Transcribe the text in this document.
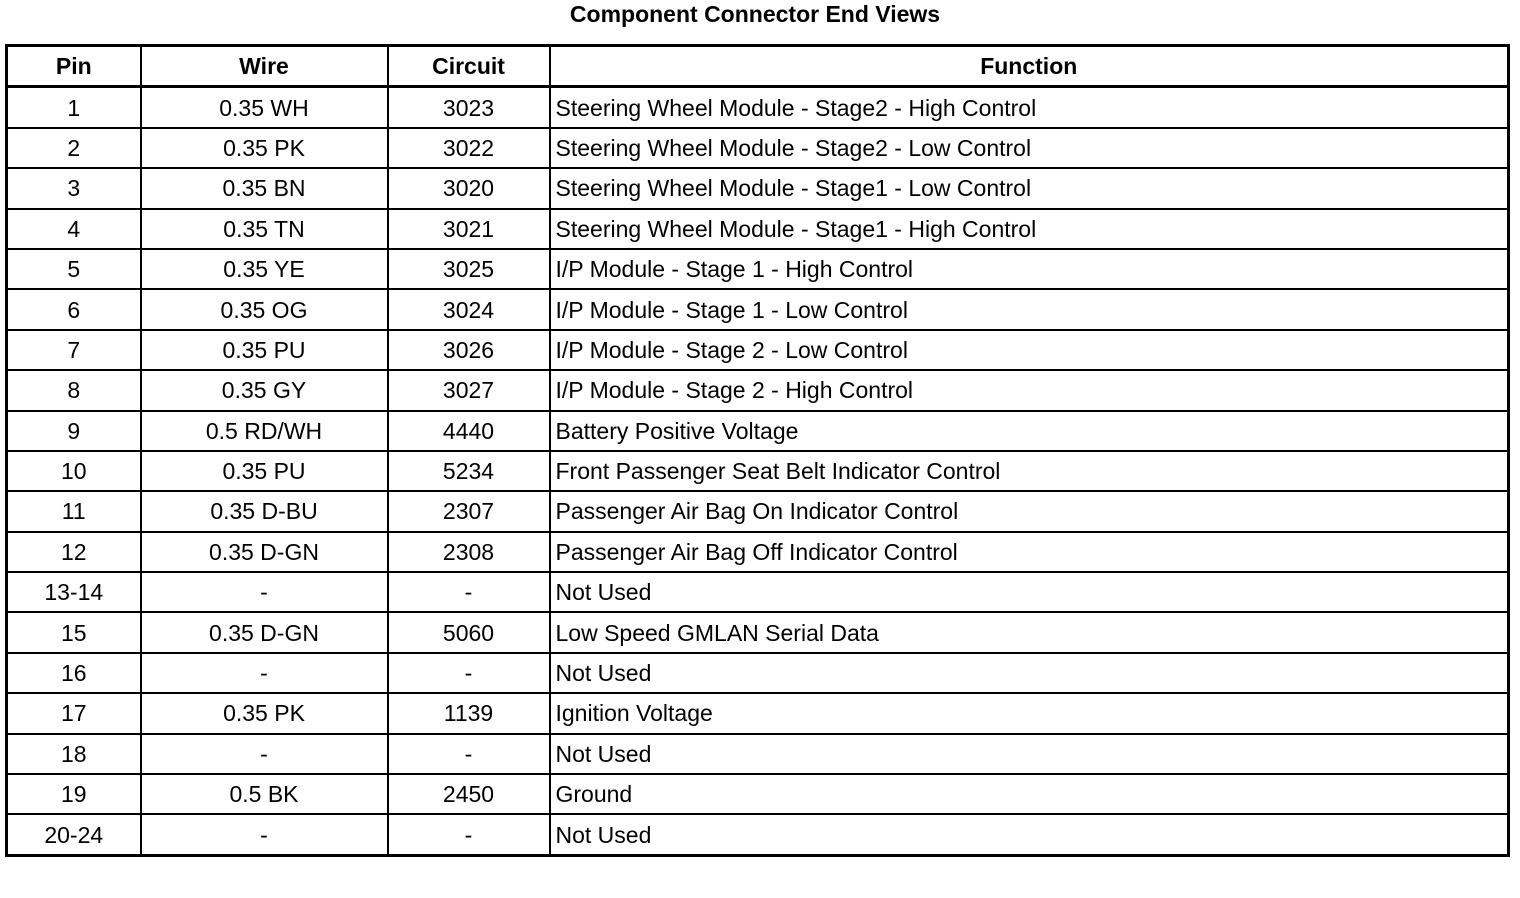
Component Connector End Views
Pin	Wire	Circuit	Function
1	0.35 WH	3023	Steering Wheel Module - Stage2 - High Control
2	0.35 PK	3022	Steering Wheel Module - Stage2 - Low Control
3	0.35 BN	3020	Steering Wheel Module - Stage1 - Low Control
4	0.35 TN	3021	Steering Wheel Module - Stage1 - High Control
5	0.35 YE	3025	I/P Module - Stage 1 - High Control
6	0.35 OG	3024	I/P Module - Stage 1 - Low Control
7	0.35 PU	3026	I/P Module - Stage 2 - Low Control
8	0.35 GY	3027	I/P Module - Stage 2 - High Control
9	0.5 RD/WH	4440	Battery Positive Voltage
10	0.35 PU	5234	Front Passenger Seat Belt Indicator Control
11	0.35 D-BU	2307	Passenger Air Bag On Indicator Control
12	0.35 D-GN	2308	Passenger Air Bag Off Indicator Control
13-14	-	-	Not Used
15	0.35 D-GN	5060	Low Speed GMLAN Serial Data
16	-	-	Not Used
17	0.35 PK	1139	Ignition Voltage
18	-	-	Not Used
19	0.5 BK	2450	Ground
20-24	-	-	Not Used
